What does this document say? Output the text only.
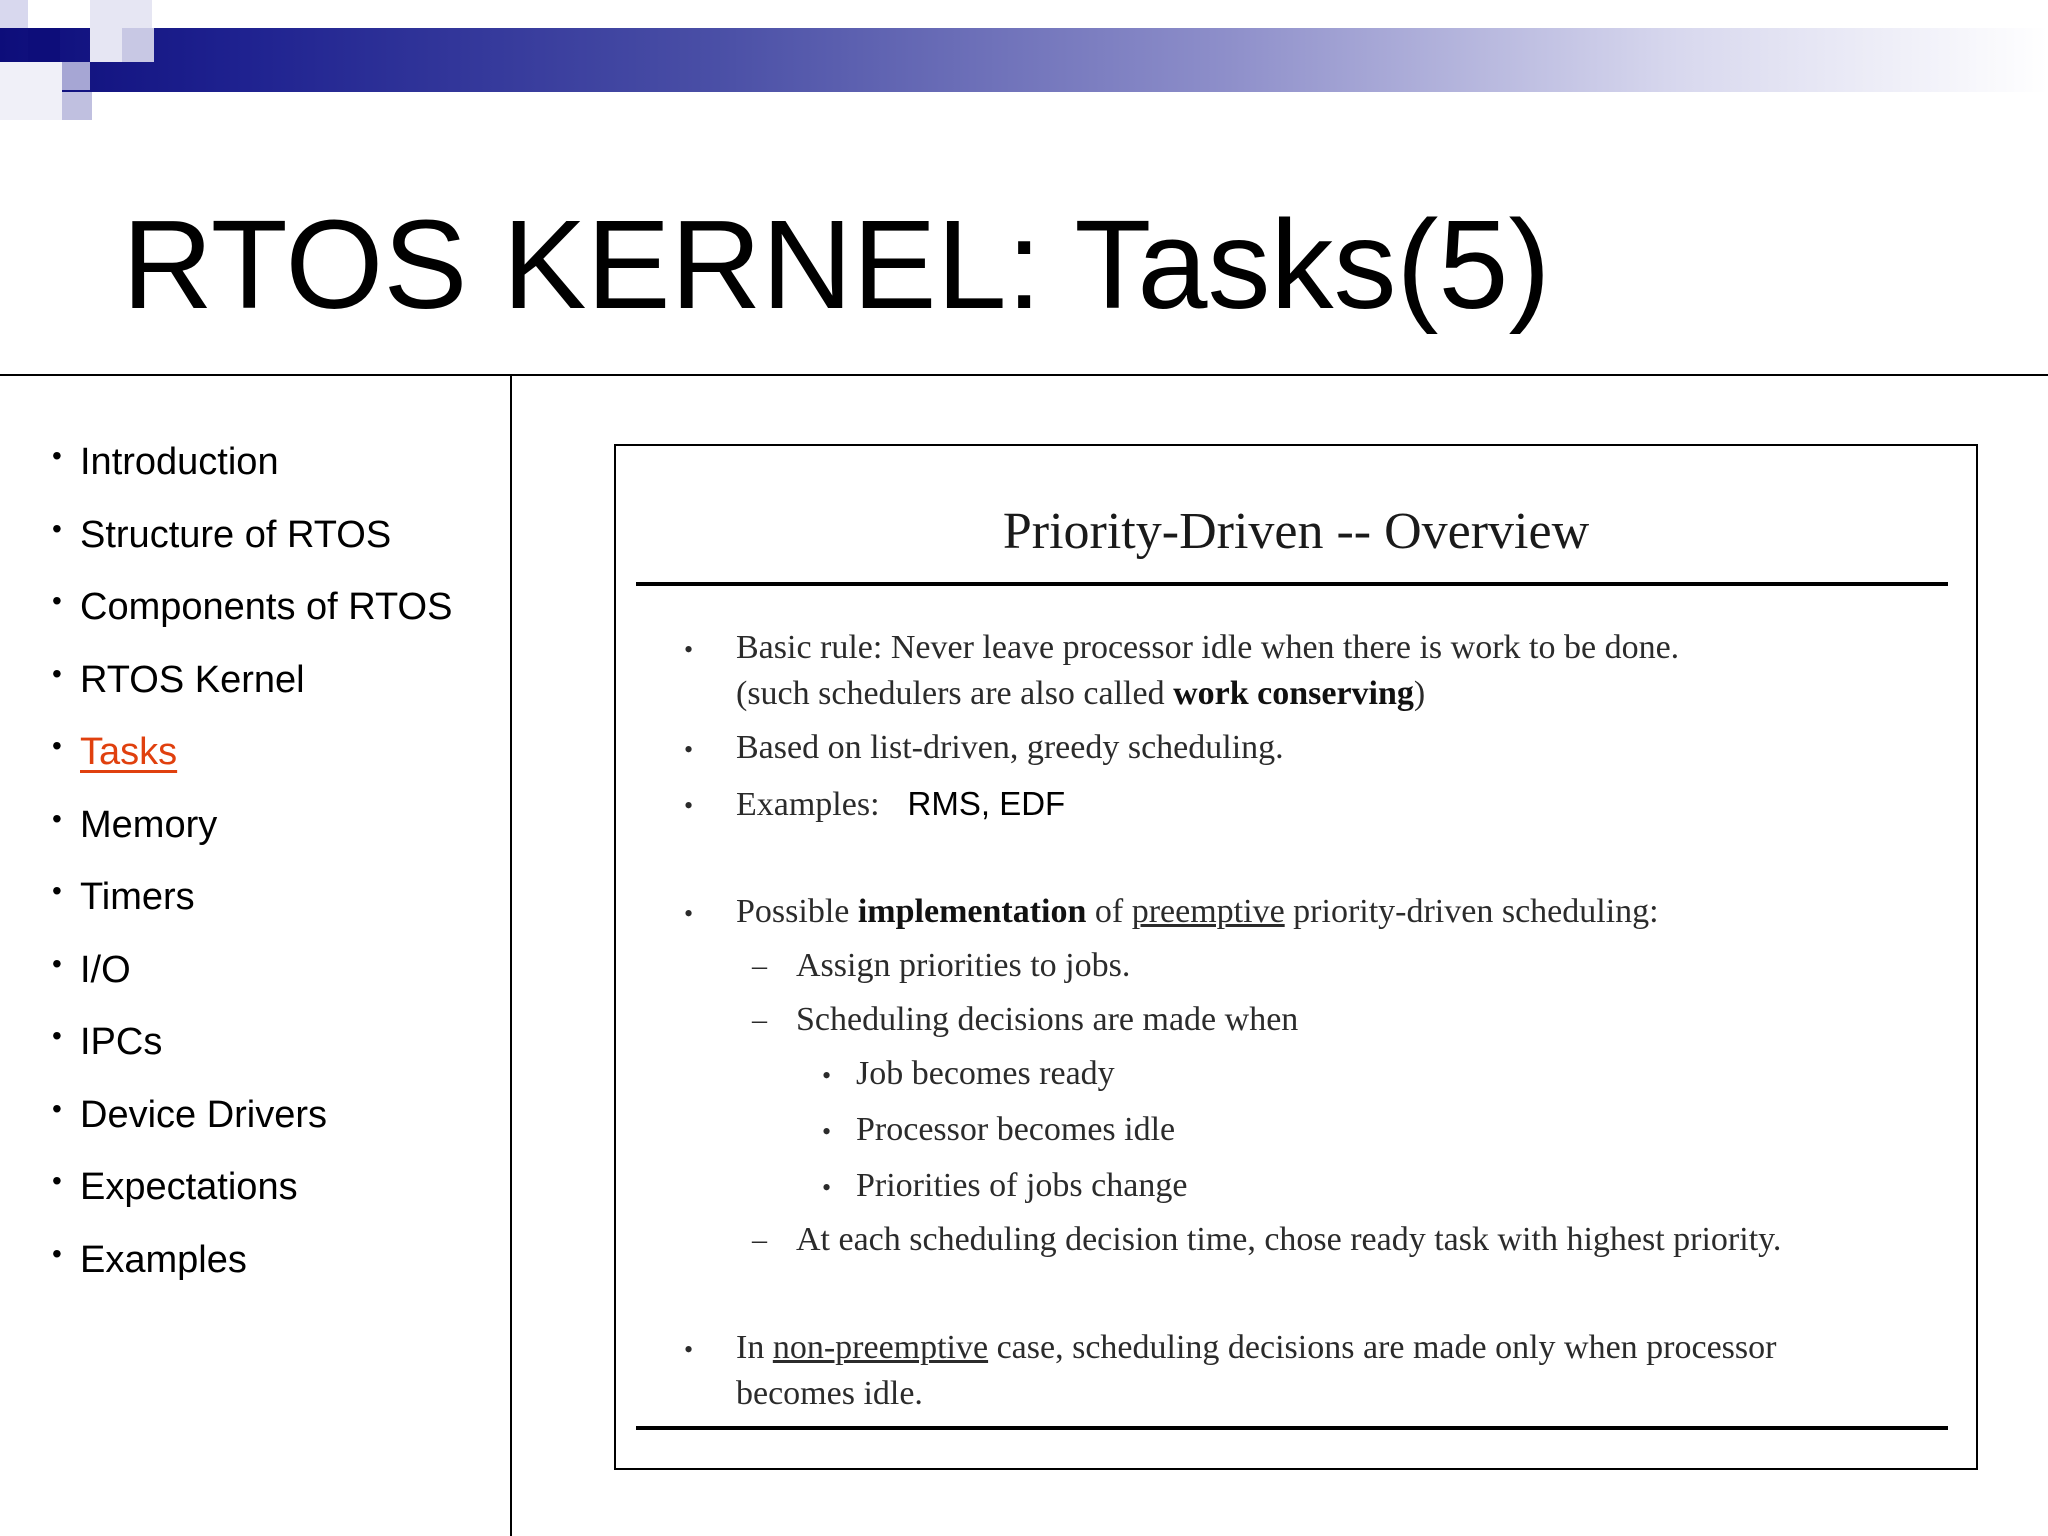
RTOS KERNEL: Tasks(5)
• Introduction
• Structure of RTOS
• Components of RTOS
• RTOS Kernel
• Tasks
• Memory
• Timers
• I/O
• IPCs
• Device Drivers
• Expectations
• Examples
Priority-Driven -- Overview
• Basic rule: Never leave processor idle when there is work to be done.
(such schedulers are also called work conserving)
• Based on list-driven, greedy scheduling.
• Examples: RMS, EDF
• Possible implementation of preemptive priority-driven scheduling:
– Assign priorities to jobs.
– Scheduling decisions are made when
• Job becomes ready
• Processor becomes idle
• Priorities of jobs change
– At each scheduling decision time, chose ready task with highest priority.
• In non-preemptive case, scheduling decisions are made only when processor
becomes idle.
